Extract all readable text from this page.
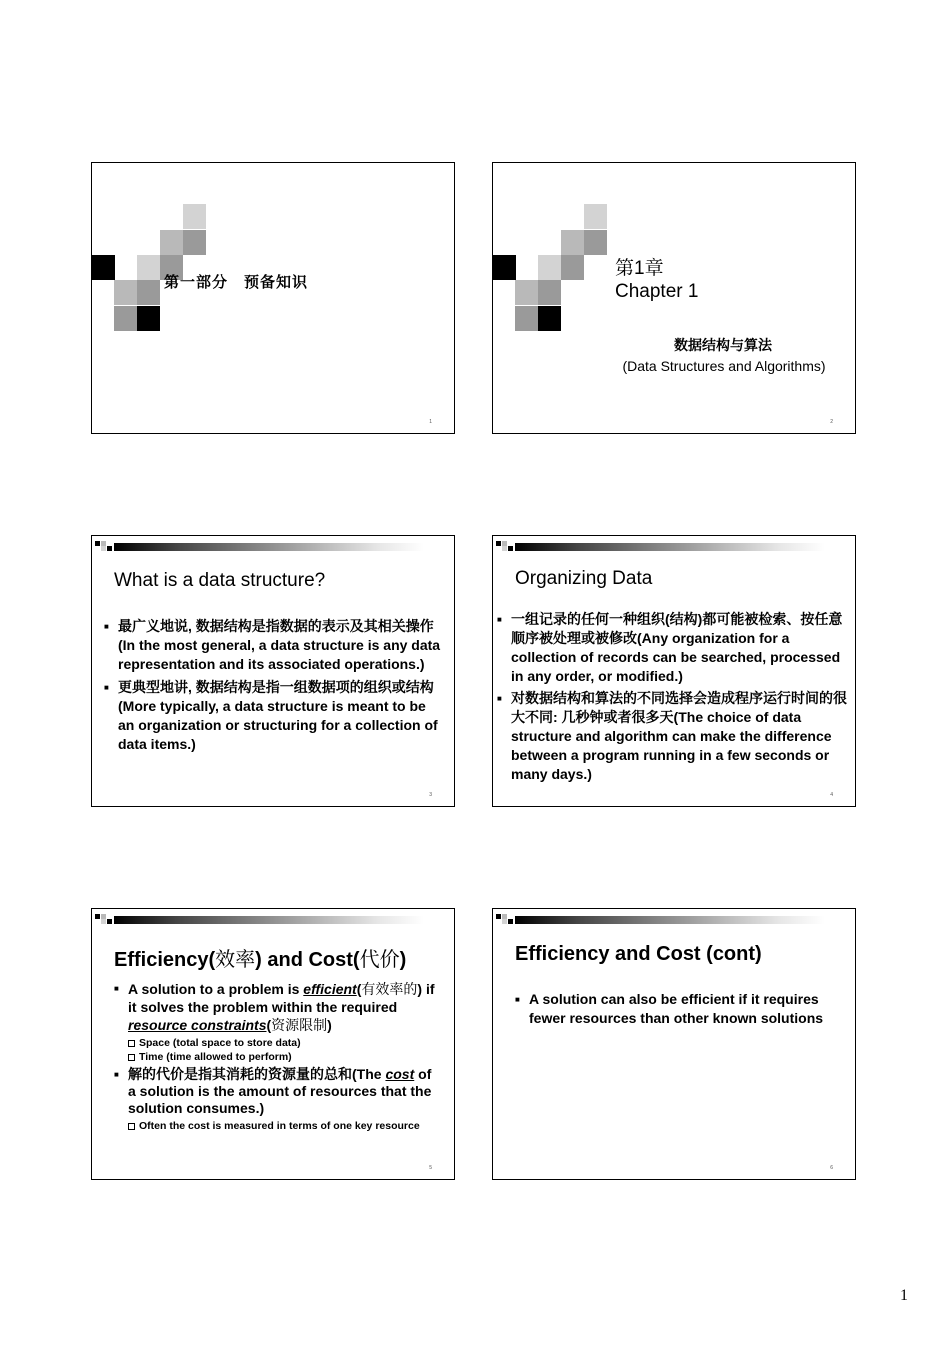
第一部分　预备知识
1
第1章
Chapter 1
数据结构与算法
(Data Structures and Algorithms)
2
What is a data structure?
■ 最广义地说, 数据结构是指数据的表示及其相关操作(In the most general, a data structure is any data representation and its associated operations.)
■ 更典型地讲, 数据结构是指一组数据项的组织或结构(More typically, a data structure is meant to be an organization or structuring for a collection of data items.)
3
Organizing Data
■ 一组记录的任何一种组织(结构)都可能被检索、按任意顺序被处理或被修改(Any organization for a collection of records can be searched, processed in any order, or modified.)
■ 对数据结构和算法的不同选择会造成程序运行时间的很大不同: 几秒钟或者很多天(The choice of data structure and algorithm can make the difference between a program running in a few seconds or many days.)
4
Efficiency(效率) and Cost(代价)
■ A solution to a problem is efficient(有效率的) if it solves the problem within the required resource constraints(资源限制)
Space (total space to store data)
Time (time allowed to perform)
■ 解的代价是指其消耗的资源量的总和(The cost of a solution is the amount of resources that the solution consumes.)
Often the cost is measured in terms of one key resource
5
Efficiency and Cost (cont)
■ A solution can also be efficient if it requires fewer resources than other known solutions
6
1
